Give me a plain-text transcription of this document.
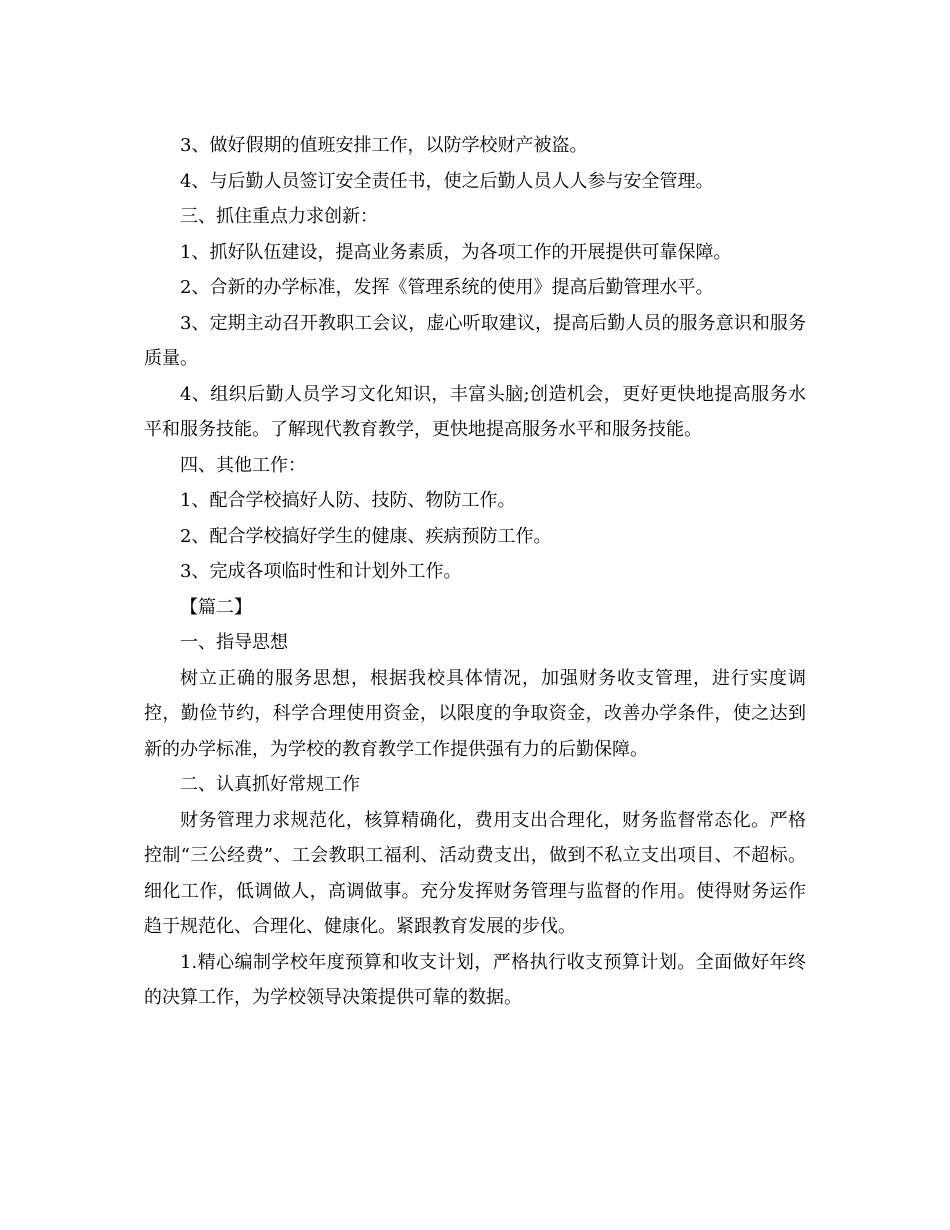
3、做好假期的值班安排工作，以防学校财产被盗。

4、与后勤人员签订安全责任书，使之后勤人员人人参与安全管理。

三、抓住重点力求创新：

1、抓好队伍建设，提高业务素质，为各项工作的开展提供可靠保障。

2、合新的办学标准，发挥《管理系统的使用》提高后勤管理水平。

3、定期主动召开教职工会议，虚心听取建议，提高后勤人员的服务意识和服务质量。

4、组织后勤人员学习文化知识，丰富头脑;创造机会，更好更快地提高服务水平和服务技能。了解现代教育教学，更快地提高服务水平和服务技能。

四、其他工作：

1、配合学校搞好人防、技防、物防工作。

2、配合学校搞好学生的健康、疾病预防工作。

3、完成各项临时性和计划外工作。

【篇二】

一、指导思想

树立正确的服务思想，根据我校具体情况，加强财务收支管理，进行实度调控，勤俭节约，科学合理使用资金，以限度的争取资金，改善办学条件，使之达到新的办学标准，为学校的教育教学工作提供强有力的后勤保障。

二、认真抓好常规工作

财务管理力求规范化，核算精确化，费用支出合理化，财务监督常态化。严格控制“三公经费”、工会教职工福利、活动费支出，做到不私立支出项目、不超标。细化工作，低调做人，高调做事。充分发挥财务管理与监督的作用。使得财务运作趋于规范化、合理化、健康化。紧跟教育发展的步伐。

1.精心编制学校年度预算和收支计划，严格执行收支预算计划。全面做好年终的决算工作，为学校领导决策提供可靠的数据。
